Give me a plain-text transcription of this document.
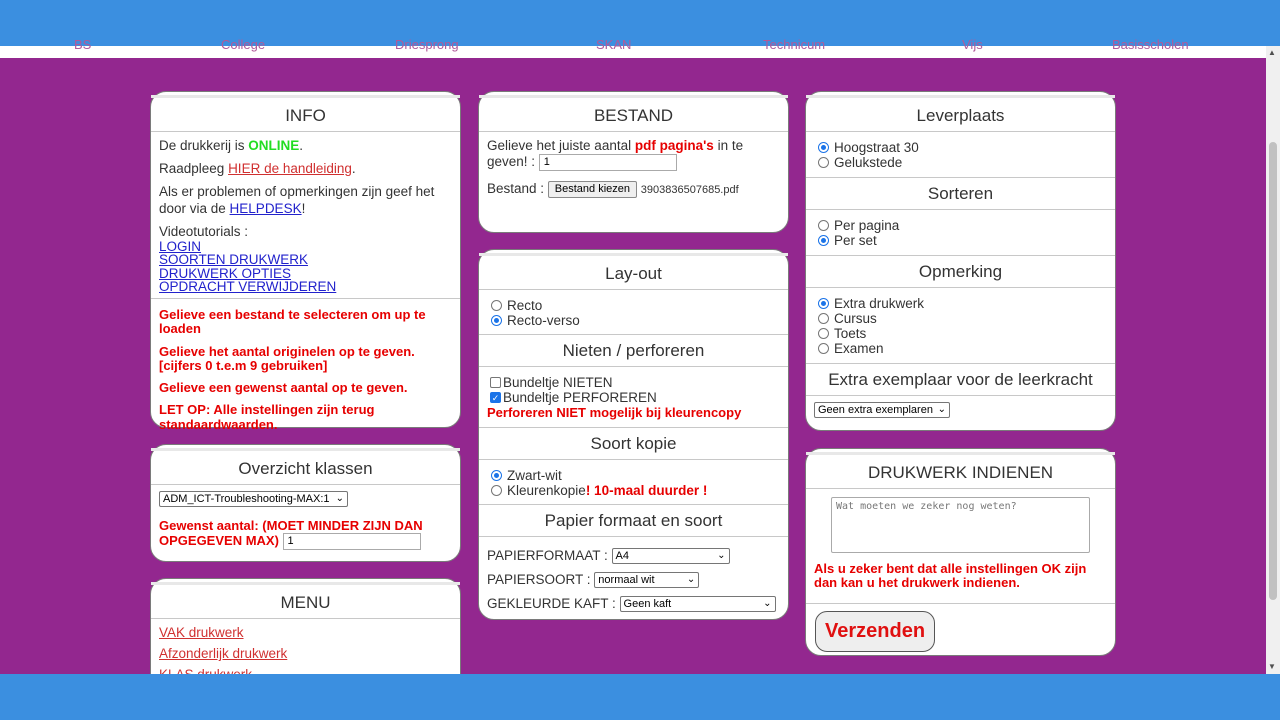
BS	College	Driesprong	SKAN	Technicum	Vijs	Basisscholen
INFO
De drukkerij is ONLINE.
Raadpleeg HIER de handleiding.
Als er problemen of opmerkingen zijn geef het door via de HELPDESK!
Videotutorials :
LOGIN
SOORTEN DRUKWERK
DRUKWERK OPTIES
OPDRACHT VERWIJDEREN
Gelieve een bestand te selecteren om up te loaden
Gelieve het aantal originelen op te geven. [cijfers 0 t.e.m 9 gebruiken]
Gelieve een gewenst aantal op te geven.
LET OP: Alle instellingen zijn terug standaardwaarden.
Overzicht klassen
ADM_ICT-Troubleshooting-MAX:1 ⌄
Gewenst aantal: (MOET MINDER ZIJN DAN OPGEGEVEN MAX) 1
MENU
VAK drukwerk
Afzonderlijk drukwerk
BESTAND
Gelieve het juiste aantal pdf pagina's in te geven! : 1
Bestand : Bestand kiezen 3903836507685.pdf
Lay-out
Recto
Recto-verso
Nieten / perforeren
Bundeltje NIETEN
✓ Bundeltje PERFOREREN
Perforeren NIET mogelijk bij kleurencopy
Soort kopie
Zwart-wit
Kleurenkopie ! 10-maal duurder !
Papier formaat en soort
PAPIERFORMAAT : A4	⌄
PAPIERSOORT : normaal wit	⌄
GEKLEURDE KAFT : Geen kaft	⌄
Leverplaats
Hoogstraat 30
Gelukstede
Sorteren
Per pagina
Per set
Opmerking
Extra drukwerk
Cursus
Toets
Examen
Extra exemplaar voor de leerkracht
Geen extra exemplaren ⌄
DRUKWERK INDIENEN
Wat moeten we zeker nog weten?
Als u zeker bent dat alle instellingen OK zijn dan kan u het drukwerk indienen.
Verzenden
▲
▼
